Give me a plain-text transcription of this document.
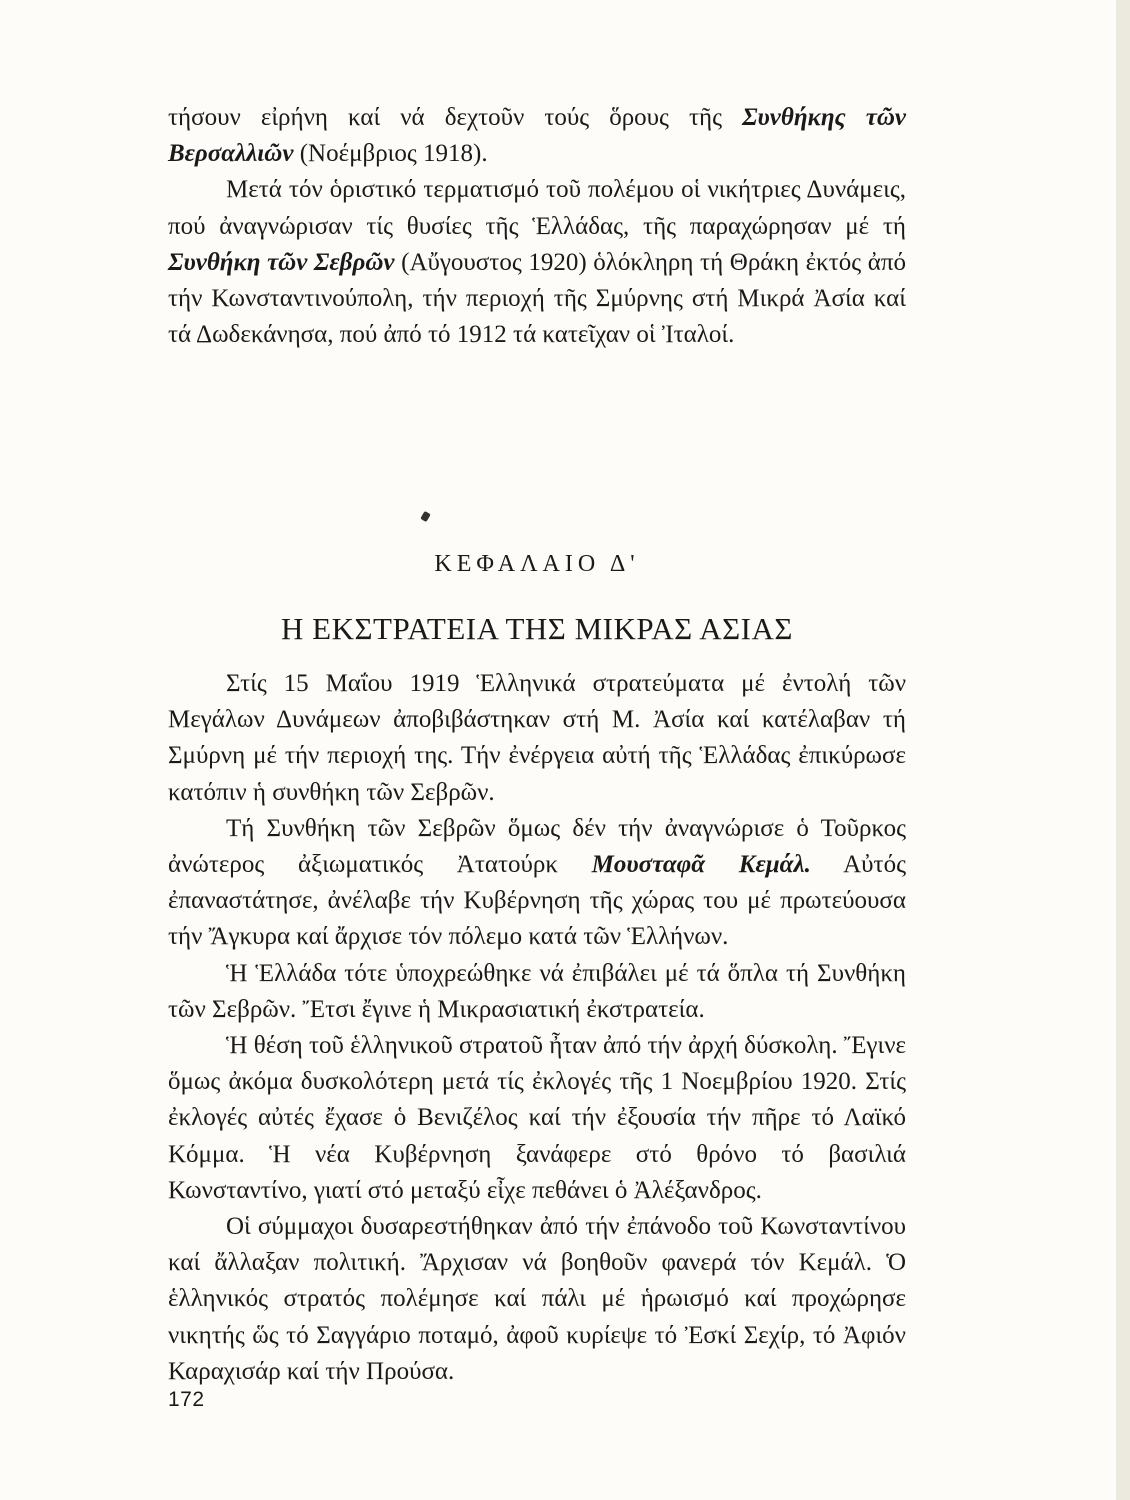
τήσουν εἰρήνη καί νά δεχτοῦν τούς ὅρους τῆς Συνθήκης τῶν Βερσαλλιῶν (Νοέμβριος 1918).

Μετά τόν ὁριστικό τερματισμό τοῦ πολέμου οἱ νικήτριες Δυνάμεις, πού ἀναγνώρισαν τίς θυσίες τῆς Ἑλλάδας, τῆς παραχώρησαν μέ τή Συνθήκη τῶν Σεβρῶν (Αὔγουστος 1920) ὁλόκληρη τή Θράκη ἐκτός ἀπό τήν Κωνσταντινούπολη, τήν περιοχή τῆς Σμύρνης στή Μικρά Ἀσία καί τά Δωδεκάνησα, πού ἀπό τό 1912 τά κατεῖχαν οἱ Ἰταλοί.

ΚΕΦΑΛΑΙΟ Δ'

Η ΕΚΣΤΡΑΤΕΙΑ ΤΗΣ ΜΙΚΡΑΣ ΑΣΙΑΣ

Στίς 15 Μαΐου 1919 Ἑλληνικά στρατεύματα μέ ἐντολή τῶν Μεγάλων Δυνάμεων ἀποβιβάστηκαν στή Μ. Ἀσία καί κατέλαβαν τή Σμύρνη μέ τήν περιοχή της. Τήν ἐνέργεια αὐτή τῆς Ἑλλάδας ἐπικύρωσε κατόπιν ἡ συνθήκη τῶν Σεβρῶν.

Τή Συνθήκη τῶν Σεβρῶν ὅμως δέν τήν ἀναγνώρισε ὁ Τοῦρκος ἀνώτερος ἀξιωματικός Ἀτατούρκ Μουσταφᾶ Κεμάλ. Αὐτός ἐπαναστάτησε, ἀνέλαβε τήν Κυβέρνηση τῆς χώρας του μέ πρωτεύουσα τήν Ἄγκυρα καί ἄρχισε τόν πόλεμο κατά τῶν Ἑλλήνων.

Ἡ Ἑλλάδα τότε ὑποχρεώθηκε νά ἐπιβάλει μέ τά ὅπλα τή Συνθήκη τῶν Σεβρῶν. Ἔτσι ἔγινε ἡ Μικρασιατική ἐκστρατεία.

Ἡ θέση τοῦ ἑλληνικοῦ στρατοῦ ἦταν ἀπό τήν ἀρχή δύσκολη. Ἔγινε ὅμως ἀκόμα δυσκολότερη μετά τίς ἐκλογές τῆς 1 Νοεμβρίου 1920. Στίς ἐκλογές αὐτές ἔχασε ὁ Βενιζέλος καί τήν ἐξουσία τήν πῆρε τό Λαϊκό Κόμμα. Ἡ νέα Κυβέρνηση ξανάφερε στό θρόνο τό βασιλιά Κωνσταντίνο, γιατί στό μεταξύ εἶχε πεθάνει ὁ Ἀλέξανδρος.

Οἱ σύμμαχοι δυσαρεστήθηκαν ἀπό τήν ἐπάνοδο τοῦ Κωνσταντίνου καί ἄλλαξαν πολιτική. Ἄρχισαν νά βοηθοῦν φανερά τόν Κεμάλ. Ὁ ἑλληνικός στρατός πολέμησε καί πάλι μέ ἡρωισμό καί προχώρησε νικητής ὥς τό Σαγγάριο ποταμό, ἀφοῦ κυρίεψε τό Ἐσκί Σεχίρ, τό Ἀφιόν Καραχισάρ καί τήν Προύσα.

172
